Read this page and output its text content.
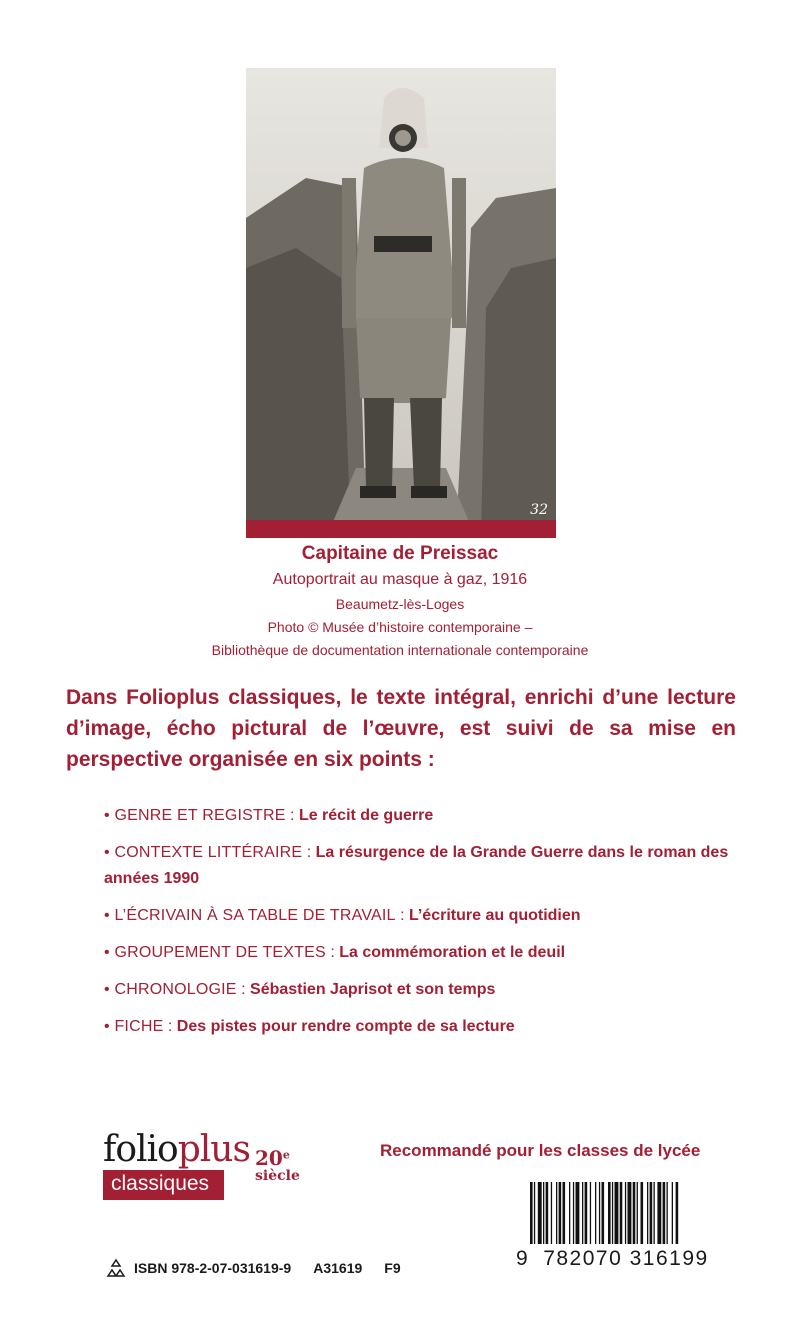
32
Capitaine de Preissac
Autoportrait au masque à gaz, 1916
Beaumetz-lès-Loges
Photo © Musée d’histoire contemporaine –
Bibliothèque de documentation internationale contemporaine

Dans Folioplus classiques, le texte intégral, enrichi d’une lecture d’image, écho pictural de l’œuvre, est suivi de sa mise en perspective organisée en six points :

• GENRE ET REGISTRE : Le récit de guerre
• CONTEXTE LITTÉRAIRE : La résurgence de la Grande Guerre dans le roman des années 1990
• L’ÉCRIVAIN À SA TABLE DE TRAVAIL : L’écriture au quotidien
• GROUPEMENT DE TEXTES : La commémoration et le deuil
• CHRONOLOGIE : Sébastien Japrisot et son temps
• FICHE : Des pistes pour rendre compte de sa lecture
folioplus
classiques
20e
siècle
Recommandé pour les classes de lycée
ISBN 978-2-07-031619-9 A31619 F9	9 782070 316199
